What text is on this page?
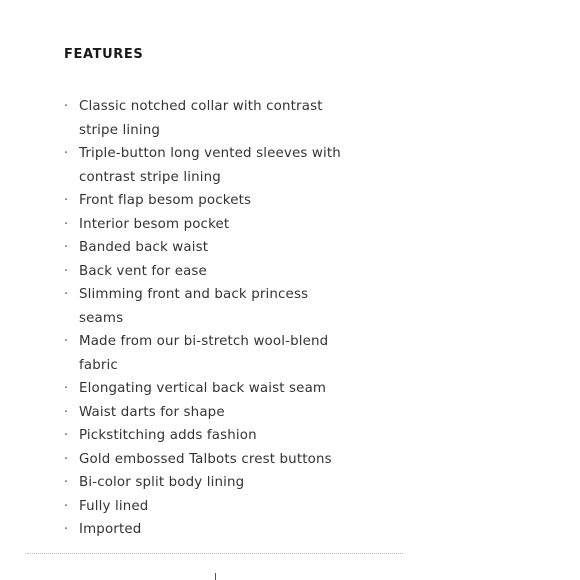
FEATURES
· Classic notched collar with contrast stripe lining
· Triple-button long vented sleeves with contrast stripe lining
· Front flap besom pockets
· Interior besom pocket
· Banded back waist
· Back vent for ease
· Slimming front and back princess seams
· Made from our bi-stretch wool-blend fabric
· Elongating vertical back waist seam
· Waist darts for shape
· Pickstitching adds fashion
· Gold embossed Talbots crest buttons
· Bi-color split body lining
· Fully lined
· Imported
